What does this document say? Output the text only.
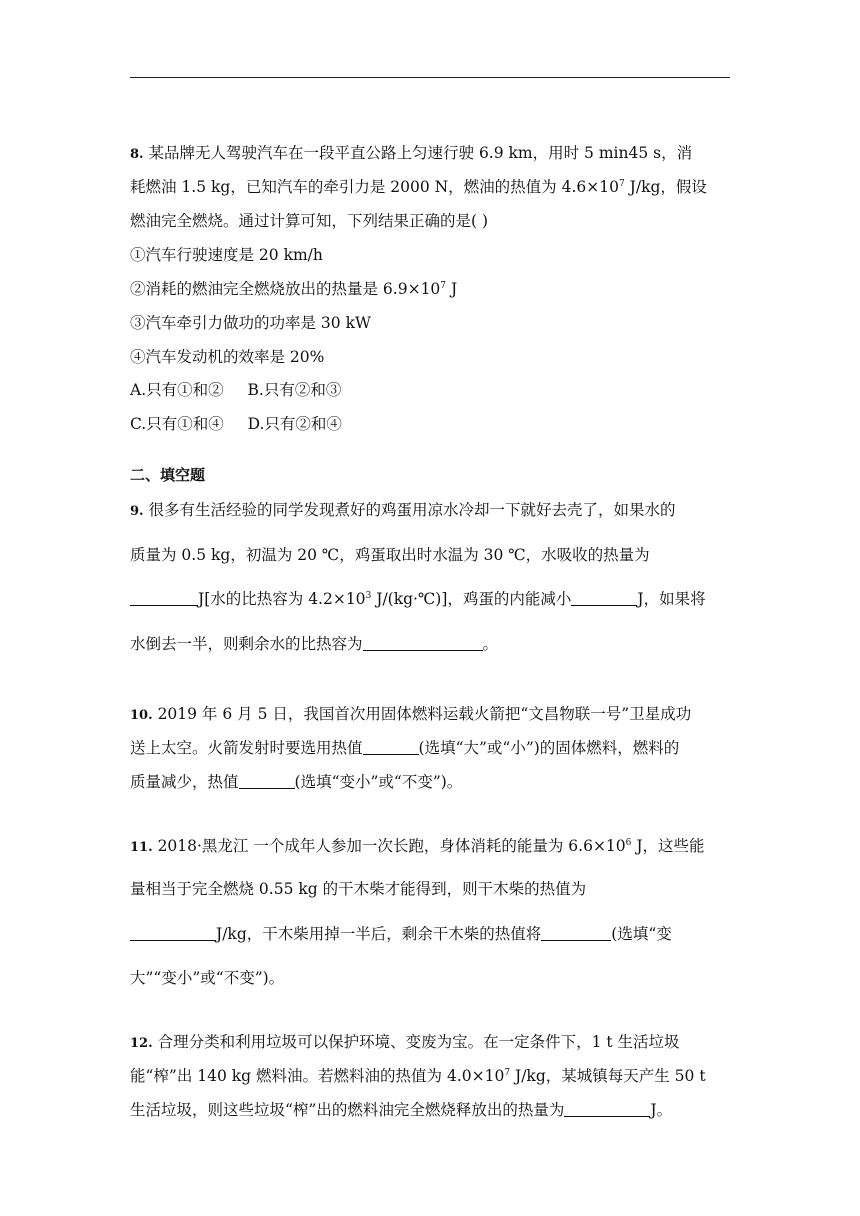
8. 某品牌无人驾驶汽车在一段平直公路上匀速行驶 6.9 km，用时 5 min45 s，消
耗燃油 1.5 kg，已知汽车的牵引力是 2000 N，燃油的热值为 $4.6\times 10^7$ J/kg，假设
燃油完全燃烧。通过计算可知，下列结果正确的是( )
①汽车行驶速度是 20 km/h
②消耗的燃油完全燃烧放出的热量是 $6.9\times 10^7$ J
③汽车牵引力做功的功率是 30 kW
④汽车发动机的效率是 20%
A.只有①和② B.只有②和③
C.只有①和④ D.只有②和④
二、填空题
9. 很多有生活经验的同学发现煮好的鸡蛋用凉水冷却一下就好去壳了，如果水的
质量为 0.5 kg，初温为 20 ℃，鸡蛋取出时水温为 30 ℃，水吸收的热量为
J[水的比热容为 $4.2\times 10^3$ J/(kg·℃)]，鸡蛋的内能减小	J，如果将
水倒去一半，则剩余水的比热容为	。
10. 2019 年 6 月 5 日，我国首次用固体燃料运载火箭把“文昌物联一号”卫星成功
送上太空。火箭发射时要选用热值	(选填“大”或“小”)的固体燃料，燃料的
质量减少，热值	(选填“变小”或“不变”)。
11. 2018·黑龙江 一个成年人参加一次长跑，身体消耗的能量为 $6.6\times 10^6$ J，这些能
量相当于完全燃烧 0.55 kg 的干木柴才能得到，则干木柴的热值为
J/kg，干木柴用掉一半后，剩余干木柴的热值将	(选填“变
大”“变小”或“不变”)。
12. 合理分类和利用垃圾可以保护环境、变废为宝。在一定条件下，1 t 生活垃圾
能“榨”出 140 kg 燃料油。若燃料油的热值为 $4.0\times 10^7$ J/kg，某城镇每天产生 50 t
生活垃圾，则这些垃圾“榨”出的燃料油完全燃烧释放出的热量为	J。
